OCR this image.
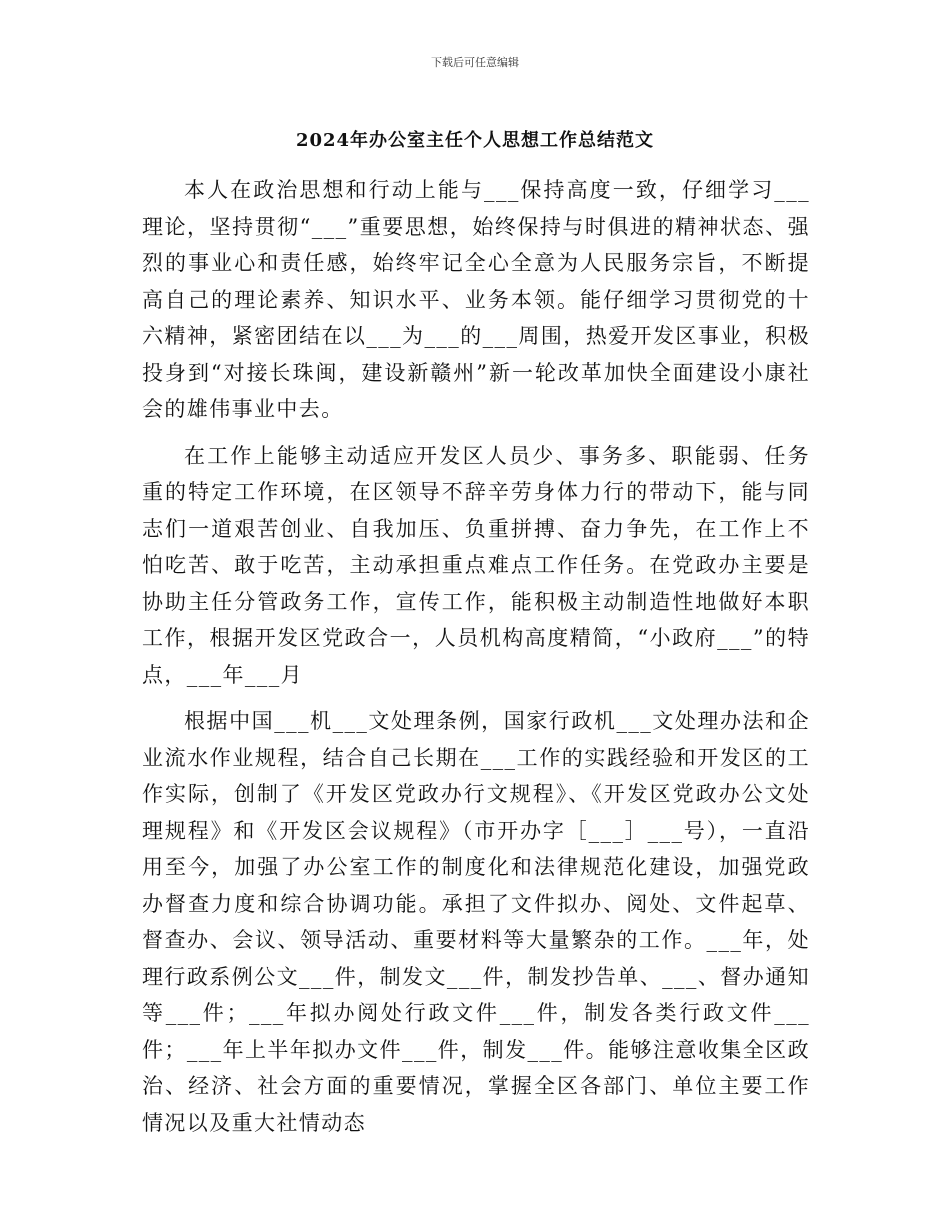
下载后可任意编辑
2024年办公室主任个人思想工作总结范文

本人在政治思想和行动上能与___保持高度一致，仔细学习___理论，坚持贯彻“___”重要思想，始终保持与时俱进的精神状态、强烈的事业心和责任感，始终牢记全心全意为人民服务宗旨，不断提高自己的理论素养、知识水平、业务本领。能仔细学习贯彻党的十六精神，紧密团结在以___为___的___周围，热爱开发区事业，积极投身到“对接长珠闽，建设新赣州”新一轮改革加快全面建设小康社会的雄伟事业中去。

在工作上能够主动适应开发区人员少、事务多、职能弱、任务重的特定工作环境，在区领导不辞辛劳身体力行的带动下，能与同志们一道艰苦创业、自我加压、负重拼搏、奋力争先，在工作上不怕吃苦、敢于吃苦，主动承担重点难点工作任务。在党政办主要是协助主任分管政务工作，宣传工作，能积极主动制造性地做好本职工作，根据开发区党政合一，人员机构高度精简，“小政府___”的特点，___年___月

根据中国___机___文处理条例，国家行政机___文处理办法和企业流水作业规程，结合自己长期在___工作的实践经验和开发区的工作实际，创制了《开发区党政办行文规程》、《开发区党政办公文处理规程》和《开发区会议规程》（市开办字［___］___号），一直沿用至今，加强了办公室工作的制度化和法律规范化建设，加强党政办督查力度和综合协调功能。承担了文件拟办、阅处、文件起草、督查办、会议、领导活动、重要材料等大量繁杂的工作。___年，处理行政系例公文___件，制发文___件，制发抄告单、___、督办通知等___件；___年拟办阅处行政文件___件，制发各类行政文件___件；___年上半年拟办文件___件，制发___件。能够注意收集全区政治、经济、社会方面的重要情况，掌握全区各部门、单位主要工作情况以及重大社情动态
